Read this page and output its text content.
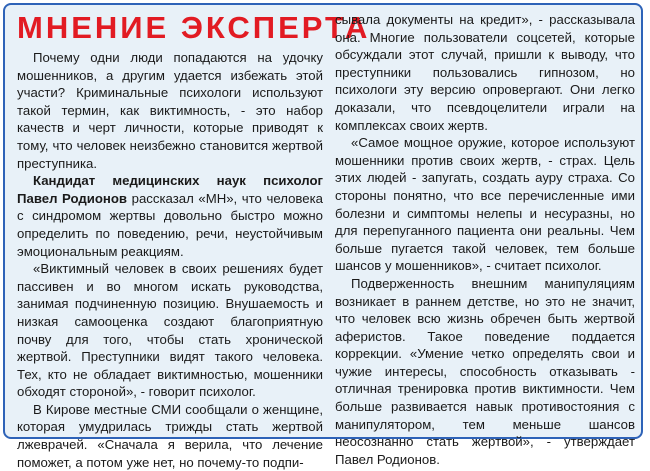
МНЕНИЕ ЭКСПЕРТА

Почему одни люди попадаются на удочку мошенников, а другим удается избежать этой участи? Криминальные психологи используют такой термин, как виктимность, - это набор качеств и черт личности, которые приводят к тому, что человек неизбежно становится жертвой преступника.

Кандидат медицинских наук психолог Павел Родионов рассказал «МН», что человека с синдромом жертвы довольно быстро можно определить по поведению, речи, неустойчивым эмоциональным реакциям.

«Виктимный человек в своих решениях будет пассивен и во многом искать руководства, занимая подчиненную позицию. Внушаемость и низкая самооценка создают благоприятную почву для того, чтобы стать хронической жертвой. Преступники видят такого человека. Тех, кто не обладает виктимностью, мошенники обходят стороной», - говорит психолог.

В Кирове местные СМИ сообщали о женщине, которая умудрилась трижды стать жертвой лжеврачей. «Сначала я верила, что лечение поможет, а потом уже нет, но почему-то подпи-

сывала документы на кредит», - рассказывала она. Многие пользователи соцсетей, которые обсуждали этот случай, пришли к выводу, что преступники пользовались гипнозом, но психологи эту версию опровергают. Они легко доказали, что псевдоцелители играли на комплексах своих жертв.

«Самое мощное оружие, которое используют мошенники против своих жертв, - страх. Цель этих людей - запугать, создать ауру страха. Со стороны понятно, что все перечисленные ими болезни и симптомы нелепы и несуразны, но для перепуганного пациента они реальны. Чем больше пугается такой человек, тем больше шансов у мошенников», - считает психолог.

Подверженность внешним манипуляциям возникает в раннем детстве, но это не значит, что человек всю жизнь обречен быть жертвой аферистов. Такое поведение поддается коррекции. «Умение четко определять свои и чужие интересы, способность отказывать - отличная тренировка против виктимности. Чем больше развивается навык противостояния с манипулятором, тем меньше шансов неосознанно стать жертвой», - утверждает Павел Родионов.
